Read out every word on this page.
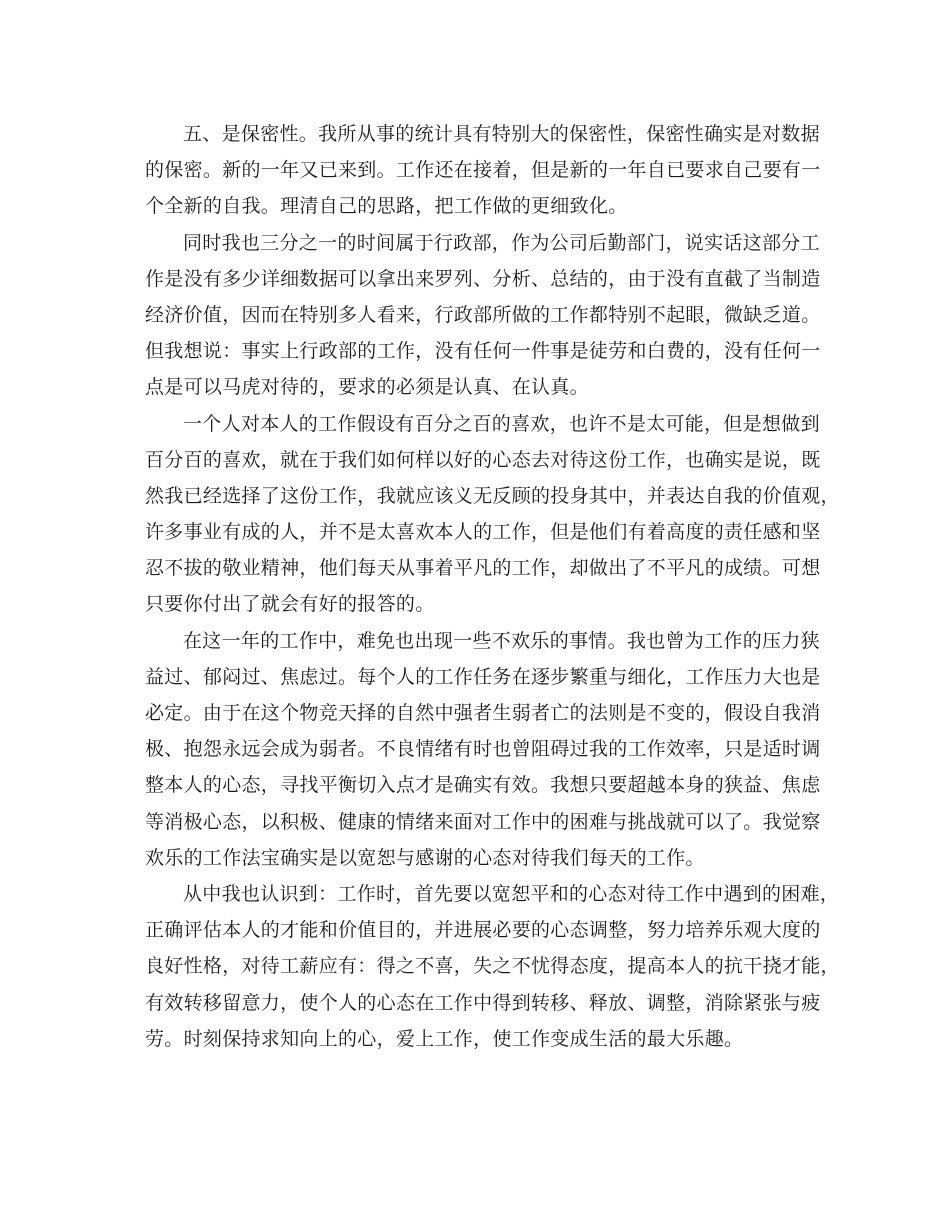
五、是保密性。我所从事的统计具有特别大的保密性，保密性确实是对数据
的保密。新的一年又已来到。工作还在接着，但是新的一年自已要求自己要有一
个全新的自我。理清自己的思路，把工作做的更细致化。
同时我也三分之一的时间属于行政部，作为公司后勤部门，说实话这部分工
作是没有多少详细数据可以拿出来罗列、分析、总结的，由于没有直截了当制造
经济价值，因而在特别多人看来，行政部所做的工作都特别不起眼，微缺乏道。
但我想说：事实上行政部的工作，没有任何一件事是徒劳和白费的，没有任何一
点是可以马虎对待的，要求的必须是认真、在认真。
一个人对本人的工作假设有百分之百的喜欢，也许不是太可能，但是想做到
百分百的喜欢，就在于我们如何样以好的心态去对待这份工作，也确实是说，既
然我已经选择了这份工作，我就应该义无反顾的投身其中，并表达自我的价值观，
许多事业有成的人，并不是太喜欢本人的工作，但是他们有着高度的责任感和坚
忍不拔的敬业精神，他们每天从事着平凡的工作，却做出了不平凡的成绩。可想
只要你付出了就会有好的报答的。
在这一年的工作中，难免也出现一些不欢乐的事情。我也曾为工作的压力狭
益过、郁闷过、焦虑过。每个人的工作任务在逐步繁重与细化，工作压力大也是
必定。由于在这个物竞天择的自然中强者生弱者亡的法则是不变的，假设自我消
极、抱怨永远会成为弱者。不良情绪有时也曾阻碍过我的工作效率，只是适时调
整本人的心态，寻找平衡切入点才是确实有效。我想只要超越本身的狭益、焦虑
等消极心态，以积极、健康的情绪来面对工作中的困难与挑战就可以了。我觉察
欢乐的工作法宝确实是以宽恕与感谢的心态对待我们每天的工作。
从中我也认识到：工作时，首先要以宽恕平和的心态对待工作中遇到的困难，
正确评估本人的才能和价值目的，并进展必要的心态调整，努力培养乐观大度的
良好性格，对待工薪应有：得之不喜，失之不忧得态度，提高本人的抗干挠才能，
有效转移留意力，使个人的心态在工作中得到转移、释放、调整，消除紧张与疲
劳。时刻保持求知向上的心，爱上工作，使工作变成生活的最大乐趣。
